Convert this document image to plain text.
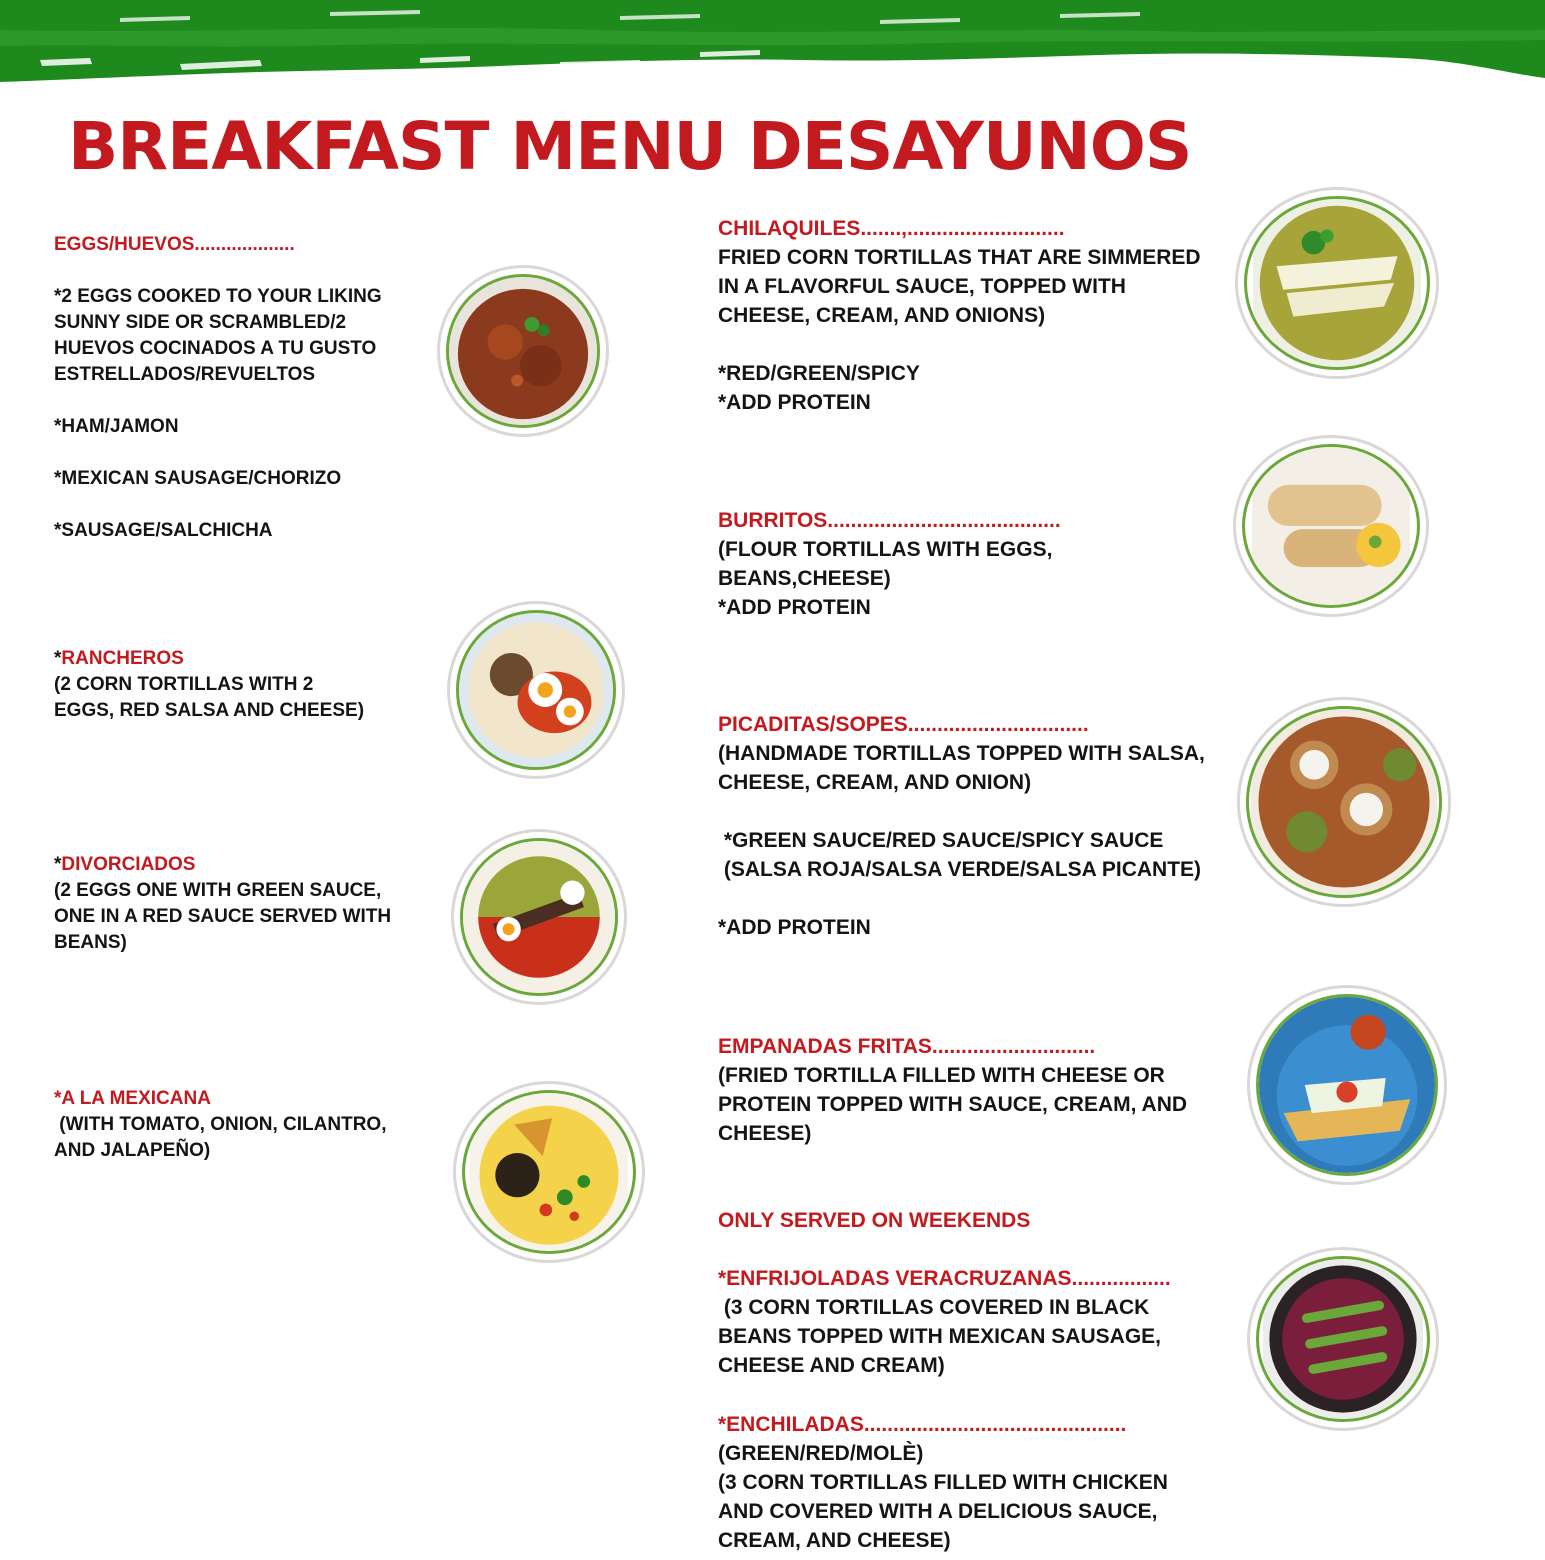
BREAKFAST MENU DESAYUNOS
EGGS/HUEVOS...................
*2 EGGS COOKED TO YOUR LIKING
SUNNY SIDE OR SCRAMBLED/2
HUEVOS COCINADOS A TU GUSTO
ESTRELLADOS/REVUELTOS
*HAM/JAMON
*MEXICAN SAUSAGE/CHORIZO
*SAUSAGE/SALCHICHA
*RANCHEROS
(2 CORN TORTILLAS WITH 2
EGGS, RED SALSA AND CHEESE)
*DIVORCIADOS
(2 EGGS ONE WITH GREEN SAUCE,
ONE IN A RED SAUCE SERVED WITH
BEANS)
*A LA MEXICANA
(WITH TOMATO, ONION, CILANTRO,
AND JALAPEÑO)
CHILAQUILES.......,...........................
FRIED CORN TORTILLAS THAT ARE SIMMERED
IN A FLAVORFUL SAUCE, TOPPED WITH
CHEESE, CREAM, AND ONIONS)
*RED/GREEN/SPICY
*ADD PROTEIN
BURRITOS........................................
(FLOUR TORTILLAS WITH EGGS,
BEANS,CHEESE)
*ADD PROTEIN
PICADITAS/SOPES...............................
(HANDMADE TORTILLAS TOPPED WITH SALSA,
CHEESE, CREAM, AND ONION)
*GREEN SAUCE/RED SAUCE/SPICY SAUCE
(SALSA ROJA/SALSA VERDE/SALSA PICANTE)
*ADD PROTEIN
EMPANADAS FRITAS............................
(FRIED TORTILLA FILLED WITH CHEESE OR
PROTEIN TOPPED WITH SAUCE, CREAM, AND
CHEESE)
ONLY SERVED ON WEEKENDS
*ENFRIJOLADAS VERACRUZANAS.................
(3 CORN TORTILLAS COVERED IN BLACK
BEANS TOPPED WITH MEXICAN SAUSAGE,
CHEESE AND CREAM)
*ENCHILADAS.............................................
(GREEN/RED/MOLÈ)
(3 CORN TORTILLAS FILLED WITH CHICKEN
AND COVERED WITH A DELICIOUS SAUCE,
CREAM, AND CHEESE)
